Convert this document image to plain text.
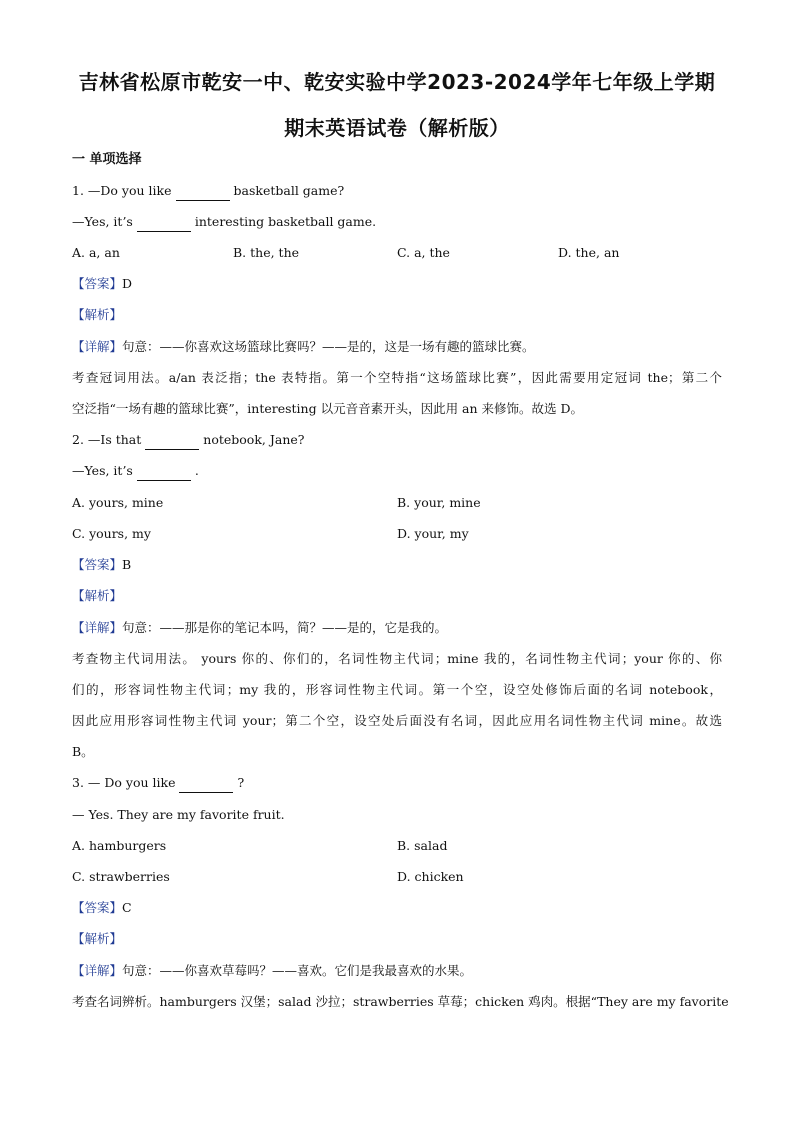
吉林省松原市乾安一中、乾安实验中学2023-2024学年七年级上学期
期末英语试卷（解析版）
一 单项选择
1. —Do you like	basketball game?
—Yes, it’s	interesting basketball game.
A. a, an	B. the, the	C. a, the	D. the, an
【答案】D
【解析】
【详解】句意：——你喜欢这场篮球比赛吗？——是的，这是一场有趣的篮球比赛。
考查冠词用法。a/an 表泛指；the 表特指。第一个空特指“这场篮球比赛”，因此需要用定冠词 the；第二个
空泛指“一场有趣的篮球比赛”，interesting 以元音音素开头，因此用 an 来修饰。故选 D。
2. —Is that	notebook, Jane?
—Yes, it’s	.
A. yours, mine	B. your, mine
C. yours, my	D. your, my
【答案】B
【解析】
【详解】句意：——那是你的笔记本吗，简？——是的，它是我的。
考查物主代词用法。 yours 你的、你们的，名词性物主代词；mine 我的，名词性物主代词；your 你的、你
们的，形容词性物主代词；my 我的，形容词性物主代词。第一个空，设空处修饰后面的名词 notebook，
因此应用形容词性物主代词 your；第二个空，设空处后面没有名词，因此应用名词性物主代词 mine。故选
B。
3. — Do you like	?
— Yes. They are my favorite fruit.
A. hamburgers	B. salad
C. strawberries	D. chicken
【答案】C
【解析】
【详解】句意：——你喜欢草莓吗？——喜欢。它们是我最喜欢的水果。
考查名词辨析。hamburgers 汉堡；salad 沙拉；strawberries 草莓；chicken 鸡肉。根据“They are my favorite
